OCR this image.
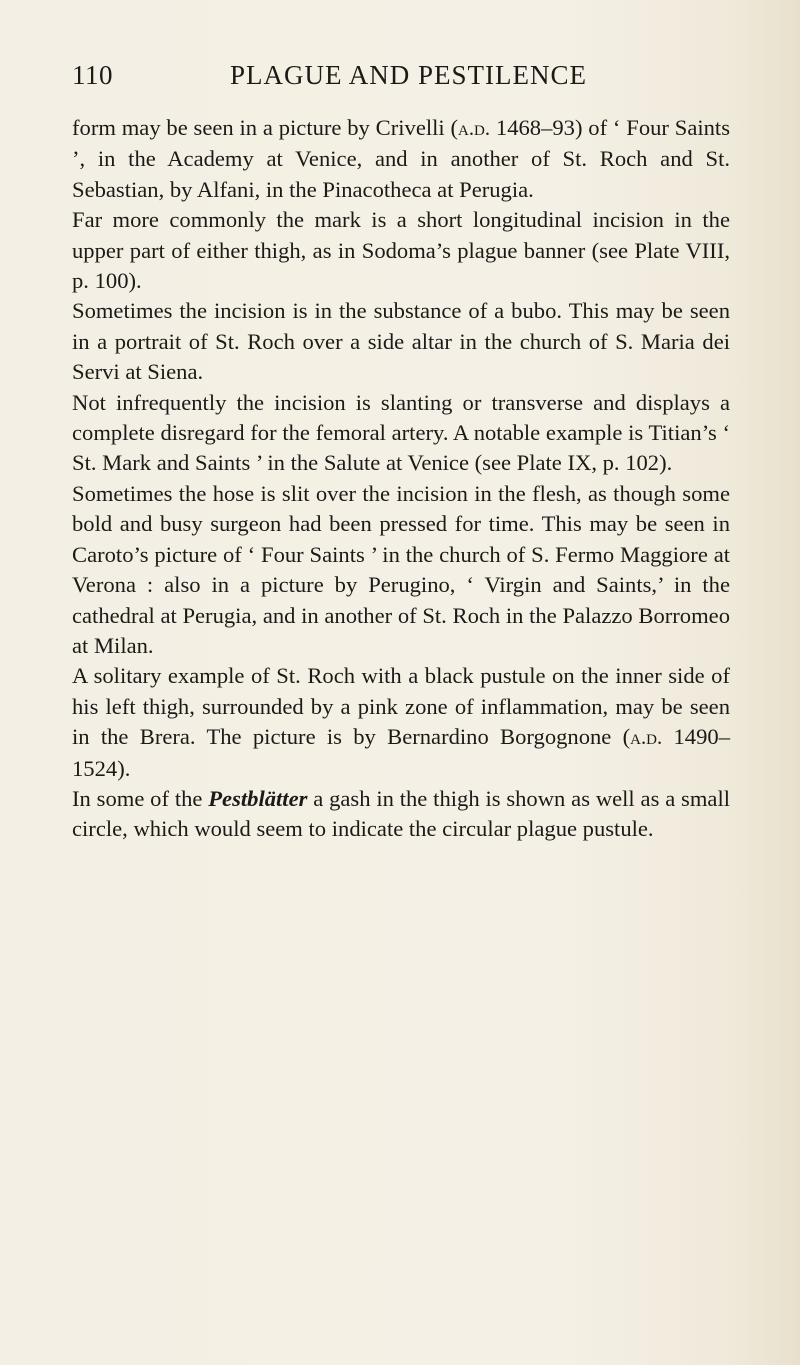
110	PLAGUE AND PESTILENCE

form may be seen in a picture by Crivelli (a.d. 1468–93) of ‘ Four Saints ’, in the Academy at Venice, and in another of St. Roch and St. Sebastian, by Alfani, in the Pinacotheca at Perugia.

Far more commonly the mark is a short longitudinal incision in the upper part of either thigh, as in Sodoma’s plague banner (see Plate VIII, p. 100).

Sometimes the incision is in the substance of a bubo. This may be seen in a portrait of St. Roch over a side altar in the church of S. Maria dei Servi at Siena.

Not infrequently the incision is slanting or transverse and displays a complete disregard for the femoral artery. A notable example is Titian’s ‘ St. Mark and Saints ’ in the Salute at Venice (see Plate IX, p. 102).

Sometimes the hose is slit over the incision in the flesh, as though some bold and busy surgeon had been pressed for time. This may be seen in Caroto’s picture of ‘ Four Saints ’ in the church of S. Fermo Maggiore at Verona : also in a picture by Perugino, ‘ Virgin and Saints,’ in the cathedral at Perugia, and in another of St. Roch in the Palazzo Borromeo at Milan.

A solitary example of St. Roch with a black pustule on the inner side of his left thigh, surrounded by a pink zone of inflammation, may be seen in the Brera. The picture is by Bernardino Borgognone (a.d. 1490–1524).

In some of the Pestblätter a gash in the thigh is shown as well as a small circle, which would seem to indicate the circular plague pustule.
